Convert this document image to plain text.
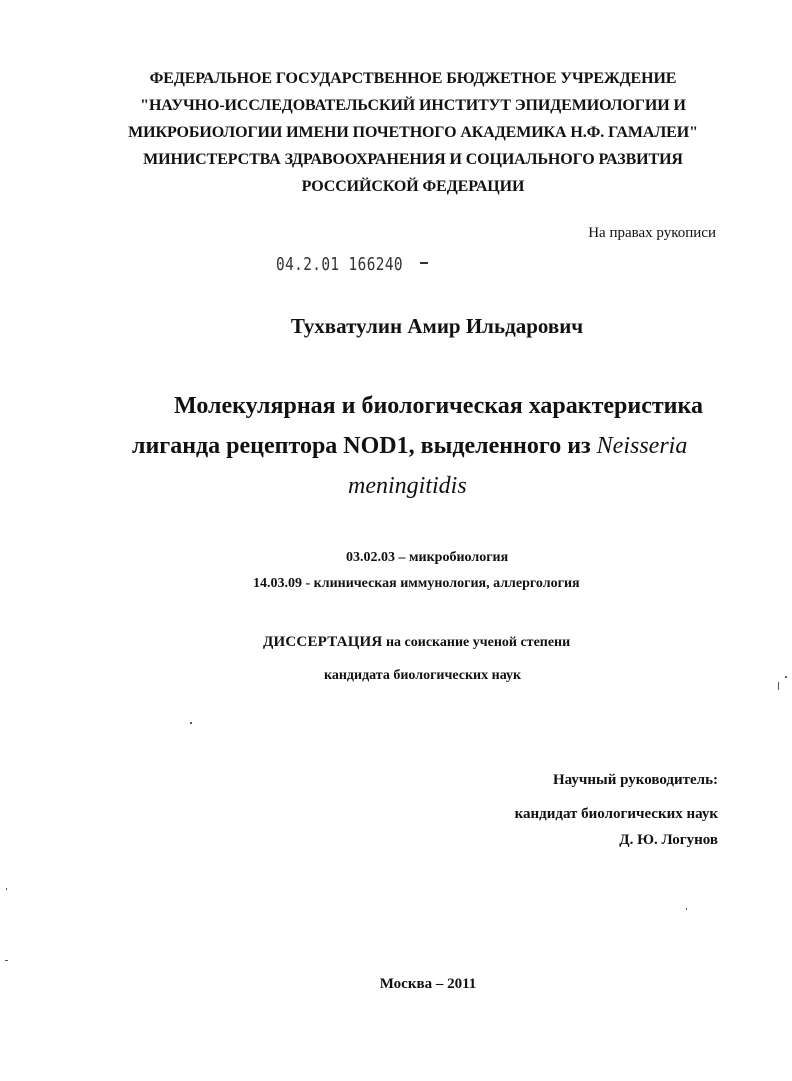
ФЕДЕРАЛЬНОЕ ГОСУДАРСТВЕННОЕ БЮДЖЕТНОЕ УЧРЕЖДЕНИЕ
"НАУЧНО-ИССЛЕДОВАТЕЛЬСКИЙ ИНСТИТУТ ЭПИДЕМИОЛОГИИ И
МИКРОБИОЛОГИИ ИМЕНИ ПОЧЕТНОГО АКАДЕМИКА Н.Ф. ГАМАЛЕИ"
МИНИСТЕРСТВА ЗДРАВООХРАНЕНИЯ И СОЦИАЛЬНОГО РАЗВИТИЯ
РОССИЙСКОЙ ФЕДЕРАЦИИ
На правах рукописи
04.2.01 166240
Тухватулин Амир Ильдарович
Молекулярная и биологическая характеристика
лиганда рецептора NOD1, выделенного из Neisseria
meningitidis
03.02.03 – микробиология
14.03.09 - клиническая иммунология, аллергология
ДИССЕРТАЦИЯ на соискание ученой степени
кандидата биологических наук
Научный руководитель:
кандидат биологических наук
Д. Ю. Логунов
Москва – 2011
